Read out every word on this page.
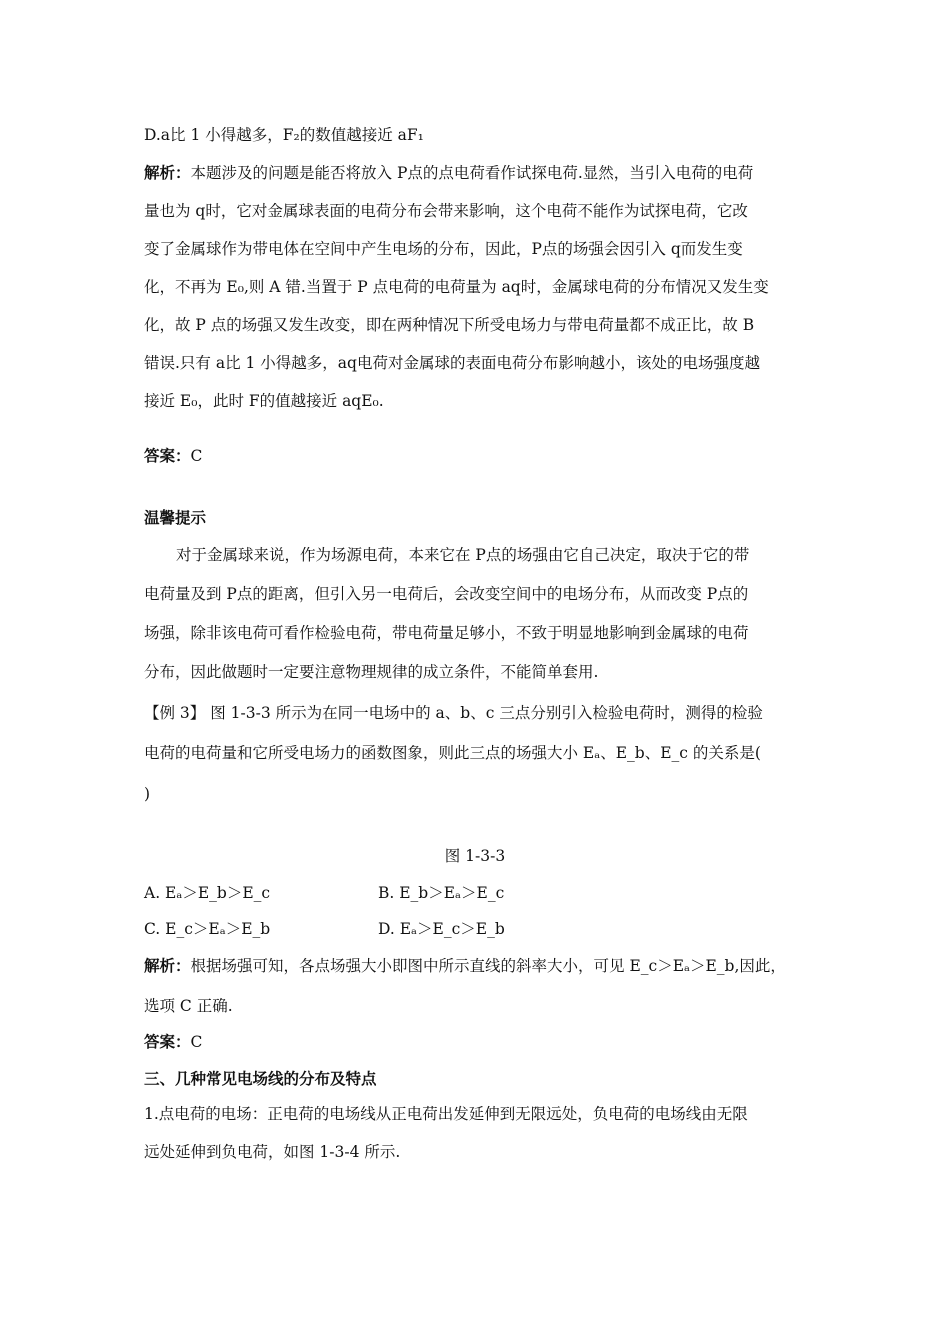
D.a比 1 小得越多，F₂的数值越接近 aF₁
解析：本题涉及的问题是能否将放入 P点的点电荷看作试探电荷.显然，当引入电荷的电荷
量也为 q时，它对金属球表面的电荷分布会带来影响，这个电荷不能作为试探电荷，它改
变了金属球作为带电体在空间中产生电场的分布，因此，P点的场强会因引入 q而发生变
化，不再为 E₀,则 A 错.当置于 P 点电荷的电荷量为 aq时，金属球电荷的分布情况又发生变
化，故 P 点的场强又发生改变，即在两种情况下所受电场力与带电荷量都不成正比，故 B
错误.只有 a比 1 小得越多，aq电荷对金属球的表面电荷分布影响越小，该处的电场强度越
接近 E₀，此时 F的值越接近 aqE₀.
答案：C
温馨提示
对于金属球来说，作为场源电荷，本来它在 P点的场强由它自己决定，取决于它的带
电荷量及到 P点的距离，但引入另一电荷后，会改变空间中的电场分布，从而改变 P点的
场强，除非该电荷可看作检验电荷，带电荷量足够小，不致于明显地影响到金属球的电荷
分布，因此做题时一定要注意物理规律的成立条件，不能简单套用.
【例 3】 图 1-3-3 所示为在同一电场中的 a、b、c 三点分别引入检验电荷时，测得的检验
电荷的电荷量和它所受电场力的函数图象，则此三点的场强大小 Eₐ、E_b、E_c 的关系是(
)
图 1-3-3
A. Eₐ＞E_b＞E_c	B. E_b＞Eₐ＞E_c
C. E_c＞Eₐ＞E_b	D. Eₐ＞E_c＞E_b
解析：根据场强可知，各点场强大小即图中所示直线的斜率大小，可见 E_c＞Eₐ＞E_b,因此，
选项 C 正确.
答案：C
三、几种常见电场线的分布及特点
1.点电荷的电场：正电荷的电场线从正电荷出发延伸到无限远处，负电荷的电场线由无限
远处延伸到负电荷，如图 1-3-4 所示.
